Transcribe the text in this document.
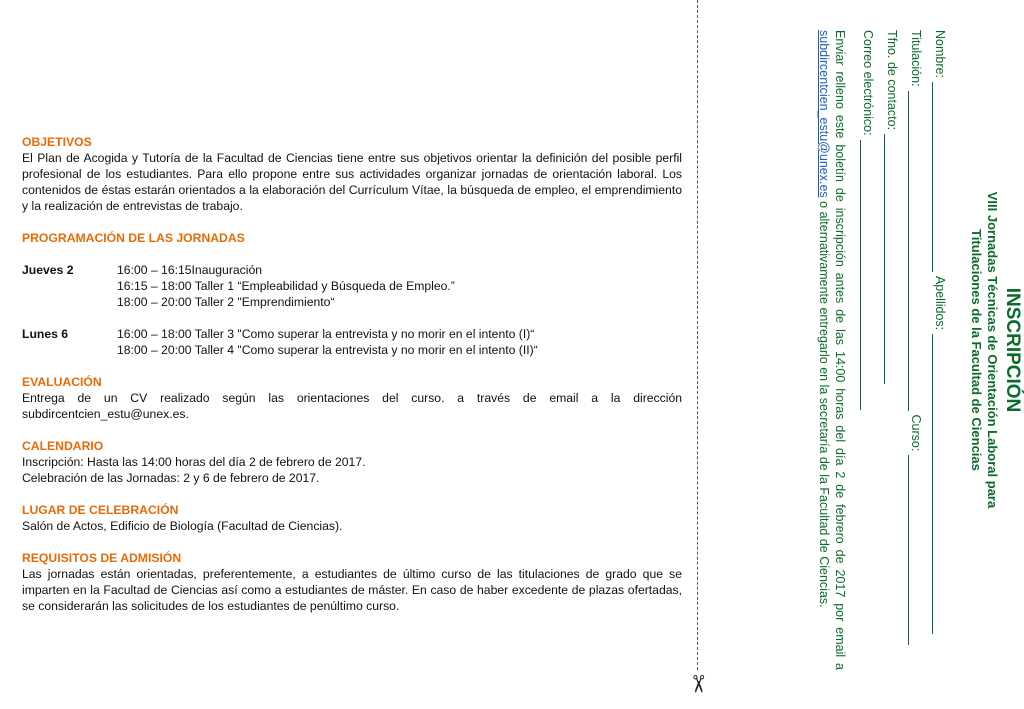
OBJETIVOS
El Plan de Acogida y Tutoría de la Facultad de Ciencias tiene entre sus objetivos orientar la definición del posible perfil profesional de los estudiantes. Para ello propone entre sus actividades organizar jornadas de orientación laboral. Los contenidos de éstas estarán orientados a la elaboración del Currículum Vítae, la búsqueda de empleo, el emprendimiento y la realización de entrevistas de trabajo.
PROGRAMACIÓN DE LAS JORNADAS
Jueves 2	16:00 – 16:15Inauguración
16:15 – 18:00 Taller 1 “Empleabilidad y Búsqueda de Empleo.”
18:00 – 20:00 Taller 2 "Emprendimiento“
Lunes 6	16:00 – 18:00 Taller 3 "Como superar la entrevista y no morir en el intento (I)“
18:00 – 20:00 Taller 4 "Como superar la entrevista y no morir en el intento (II)“
EVALUACIÓN
Entrega de un CV realizado según las orientaciones del curso. a través de email a la dirección subdircentcien_estu@unex.es.
CALENDARIO
Inscripción: Hasta las 14:00 horas del día 2 de febrero de 2017.
Celebración de las Jornadas: 2 y 6 de febrero de 2017.
LUGAR DE CELEBRACIÓN
Salón de Actos, Edificio de Biología (Facultad de Ciencias).
REQUISITOS DE ADMISIÓN
Las jornadas están orientadas, preferentemente, a estudiantes de último curso de las titulaciones de grado que se imparten en la Facultad de Ciencias así como a estudiantes de máster. En caso de haber excedente de plazas ofertadas, se considerarán las solicitudes de los estudiantes de penúltimo curso.
✂
INSCRIPCIÓN
VIII Jornadas Técnicas de Orientación Laboral para
Titulaciones de la Facultad de Ciencias
Nombre:
Apellidos:
Titulación:
Curso:
Tfno. de contacto:
Correo electrónico:
Enviar relleno este boletín de inscripción antes de las 14:00 horas del día 2 de febrero de 2017 por email a subdircentcien_estu@unex.es o alternativamente entregarlo en la secretaría de la Facultad de Ciencias.
